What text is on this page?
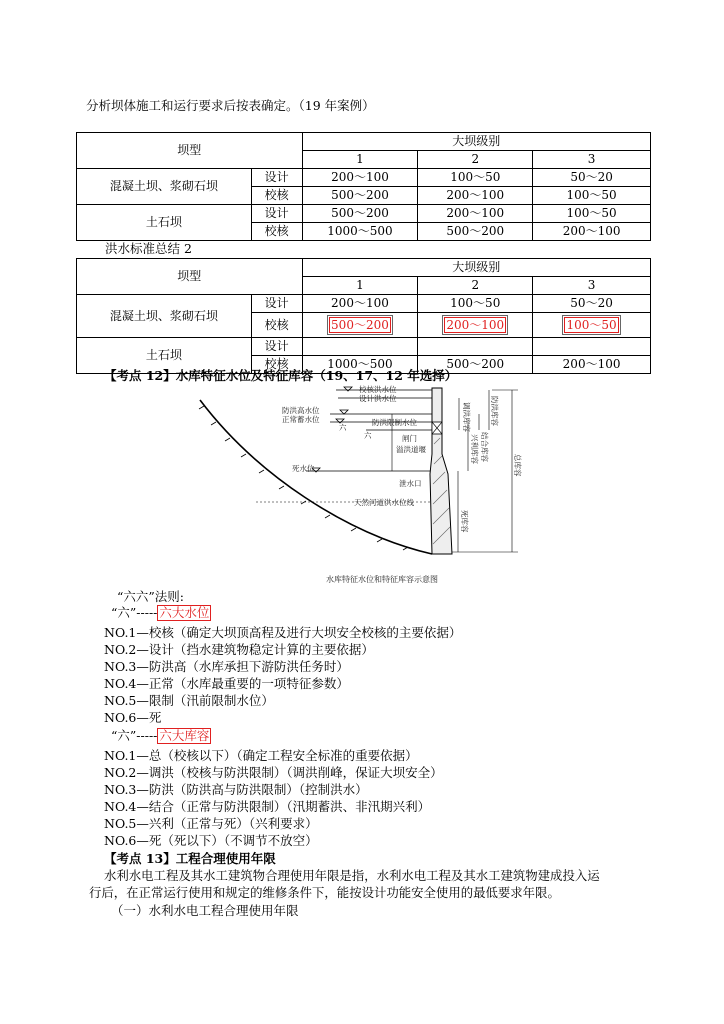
分析坝体施工和运行要求后按表确定。（19 年案例）
坝型		大坝级别		
		1	2	3
混凝土坝、浆砌石坝	设计	200～100	100～50	50～20
	校核	500～200	200～100	100～50
土石坝	设计	500～200	200～100	100～50
	校核	1000～500	500～200	200～100
洪水标准总结 2
坝型		大坝级别		
		1	2	3
混凝土坝、浆砌石坝	设计	200～100	100～50	50～20
	校核	500～200	200～100	100～50
土石坝	设计			
	校核	1000～500	500～200	200～100
【考点 12】水库特征水位及特征库容（19、17、12 年选择）
校核洪水位
设计洪水位
防洪高水位
正常蓄水位
六
防洪限制水位
闸门
溢洪道堰
死水位
泄水口
天然河道洪水位线
调洪库容
兴利库容 结合库容
防洪库容
死库容
总库容
六
水库特征水位和特征库容示意图
“六六”法则:
“六”----- 六大水位
NO.1—校核（确定大坝顶高程及进行大坝安全校核的主要依据）
NO.2—设计（挡水建筑物稳定计算的主要依据）
NO.3—防洪高（水库承担下游防洪任务时）
NO.4—正常（水库最重要的一项特征参数）
NO.5—限制（汛前限制水位）
NO.6—死
“六”----- 六大库容
NO.1—总（校核以下）（确定工程安全标准的重要依据）
NO.2—调洪（校核与防洪限制）（调洪削峰，保证大坝安全）
NO.3—防洪（防洪高与防洪限制）（控制洪水）
NO.4—结合（正常与防洪限制）（汛期蓄洪、非汛期兴利）
NO.5—兴利（正常与死）（兴利要求）
NO.6—死（死以下）（不调节不放空）
【考点 13】工程合理使用年限
水利水电工程及其水工建筑物合理使用年限是指，水利水电工程及其水工建筑物建成投入运
行后，在正常运行使用和规定的维修条件下，能按设计功能安全使用的最低要求年限。
（一）水利水电工程合理使用年限
